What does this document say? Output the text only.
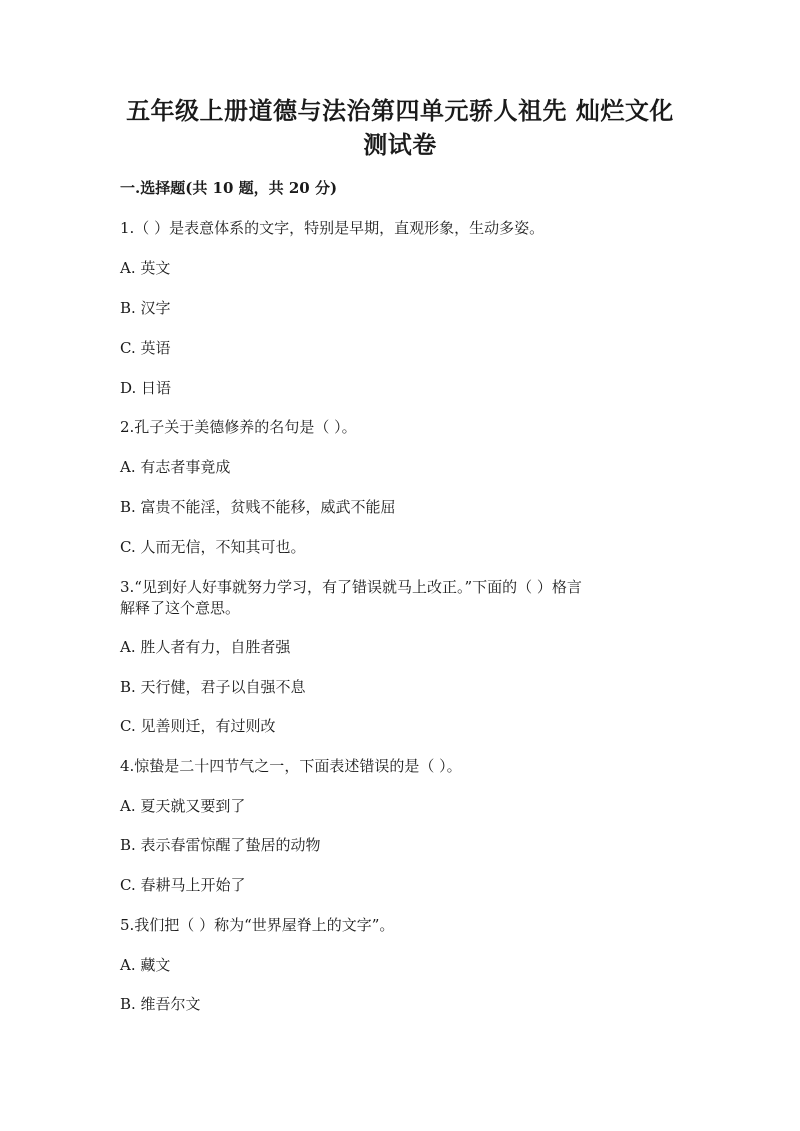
五年级上册道德与法治第四单元骄人祖先 灿烂文化
测试卷
一.选择题(共 10 题，共 20 分)
1.（ ）是表意体系的文字，特别是早期，直观形象，生动多姿。
A. 英文
B. 汉字
C. 英语
D. 日语
2.孔子关于美德修养的名句是（ ）。
A. 有志者事竟成
B. 富贵不能淫，贫贱不能移，威武不能屈
C. 人而无信，不知其可也。
3.“见到好人好事就努力学习，有了错误就马上改正。”下面的（ ）格言
解释了这个意思。
A. 胜人者有力，自胜者强
B. 天行健，君子以自强不息
C. 见善则迁，有过则改
4.惊蛰是二十四节气之一，下面表述错误的是（ ）。
A. 夏天就又要到了
B. 表示春雷惊醒了蛰居的动物
C. 春耕马上开始了
5.我们把（ ）称为“世界屋脊上的文字”。
A. 藏文
B. 维吾尔文
